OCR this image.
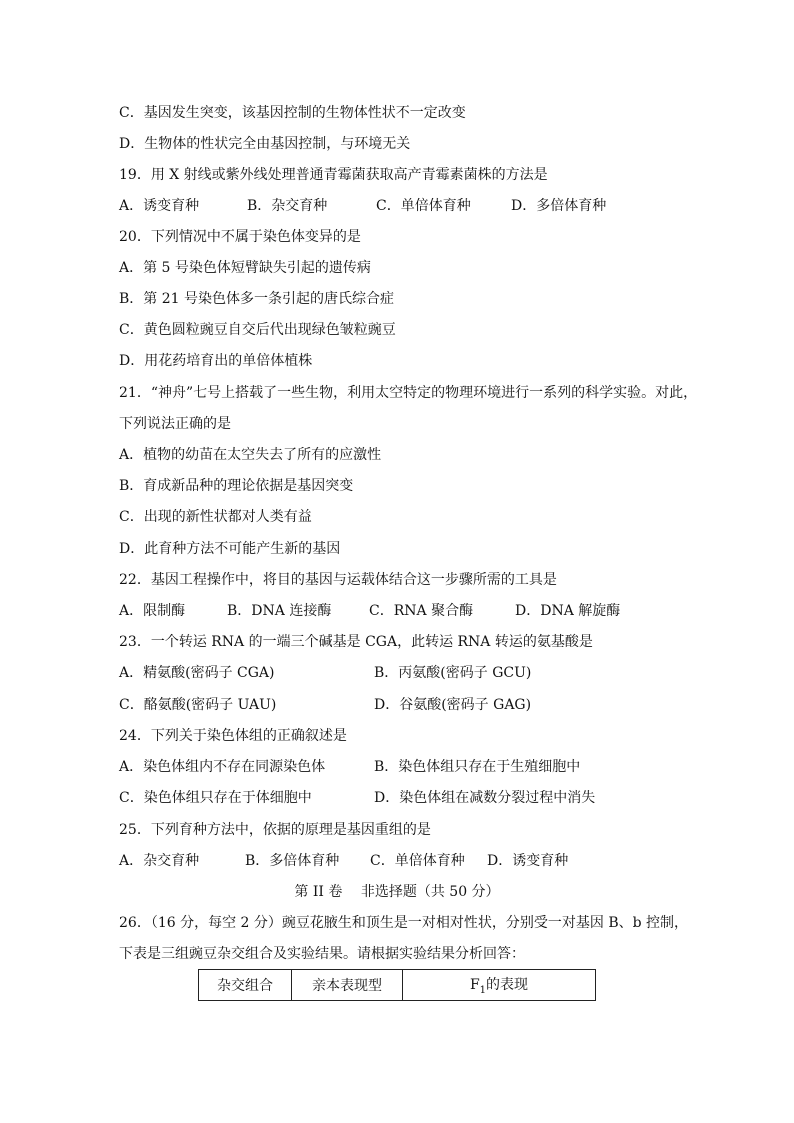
C．基因发生突变，该基因控制的生物体性状不一定改变
D．生物体的性状完全由基因控制，与环境无关
19．用 X 射线或紫外线处理普通青霉菌获取高产青霉素菌株的方法是
A．诱变育种	B．杂交育种	C．单倍体育种	D．多倍体育种
20．下列情况中不属于染色体变异的是
A．第 5 号染色体短臂缺失引起的遗传病
B．第 21 号染色体多一条引起的唐氏综合症
C．黄色圆粒豌豆自交后代出现绿色皱粒豌豆
D．用花药培育出的单倍体植株
21．“神舟”七号上搭载了一些生物，利用太空特定的物理环境进行一系列的科学实验。对此，
下列说法正确的是
A．植物的幼苗在太空失去了所有的应激性
B．育成新品种的理论依据是基因突变
C．出现的新性状都对人类有益
D．此育种方法不可能产生新的基因
22．基因工程操作中，将目的基因与运载体结合这一步骤所需的工具是
A．限制酶	B．DNA 连接酶	C．RNA 聚合酶	D．DNA 解旋酶
23．一个转运 RNA 的一端三个碱基是 CGA，此转运 RNA 转运的氨基酸是
A．精氨酸(密码子 CGA)	B．丙氨酸(密码子 GCU)
C．酪氨酸(密码子 UAU)	D．谷氨酸(密码子 GAG)
24．下列关于染色体组的正确叙述是
A．染色体组内不存在同源染色体	B．染色体组只存在于生殖细胞中
C．染色体组只存在于体细胞中	D．染色体组在减数分裂过程中消失
25．下列育种方法中，依据的原理是基因重组的是
A．杂交育种	B．多倍体育种 C．单倍体育种 D．诱变育种
第 II 卷　 非选择题（共 50 分）
26．（16 分，每空 2 分）豌豆花腋生和顶生是一对相对性状，分别受一对基因 B、b 控制，
下表是三组豌豆杂交组合及实验结果。请根据实验结果分析回答：
杂交组合	亲本表现型	$F_1$的表现
